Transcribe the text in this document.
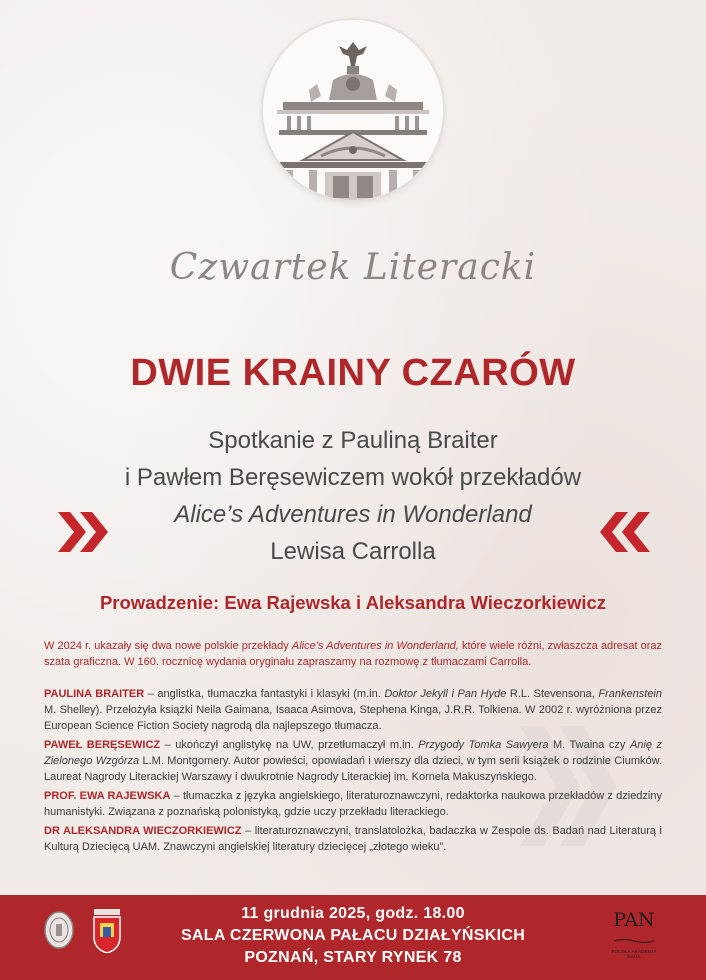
Czwartek Literacki
DWIE KRAINY CZARÓW
Spotkanie z Pauliną Braiter
i Pawłem Beręsewiczem wokół przekładów
Alice’s Adventures in Wonderland
Lewisa Carrolla
Prowadzenie: Ewa Rajewska i Aleksandra Wieczorkiewicz
W 2024 r. ukazały się dwa nowe polskie przekłady Alice’s Adventures in Wonderland, które wiele różni, zwłaszcza adresat oraz szata graficzna. W 160. rocznicę wydania oryginału zapraszamy na rozmowę z tłumaczami Carrolla.
PAULINA BRAITER – anglistka, tłumaczka fantastyki i klasyki (m.in. Doktor Jekyll i Pan Hyde R.L. Stevensona, Frankenstein M. Shelley). Przełożyła książki Neila Gaimana, Isaaca Asimova, Stephena Kinga, J.R.R. Tolkiena. W 2002 r. wyróżniona przez European Science Fiction Society nagrodą dla najlepszego tłumacza.
PAWEŁ BERĘSEWICZ – ukończył anglistykę na UW, przetłumaczył m.in. Przygody Tomka Sawyera M. Twaina czy Anię z Zielonego Wzgórza L.M. Montgomery. Autor powieści, opowiadań i wierszy dla dzieci, w tym serii książek o rodzinie Ciumków. Laureat Nagrody Literackiej Warszawy i dwukrotnie Nagrody Literackiej im. Kornela Makuszyńskiego.
PROF. EWA RAJEWSKA – tłumaczka z języka angielskiego, literaturoznawczyni, redaktorka naukowa przekładów z dziedziny humanistyki. Związana z poznańską polonistyką, gdzie uczy przekładu literackiego.
DR ALEKSANDRA WIECZORKIEWICZ – literaturoznawczyni, translatolożka, badaczka w Zespole ds. Badań nad Literaturą i Kulturą Dziecięcą UAM. Znawczyni angielskiej literatury dziecięcej „złotego wieku”.
11 grudnia 2025, godz. 18.00
SALA CZERWONA PAŁACU DZIAŁYŃSKICH
POZNAŃ, STARY RYNEK 78
PAN
POLSKA AKADEMIA NAUK
